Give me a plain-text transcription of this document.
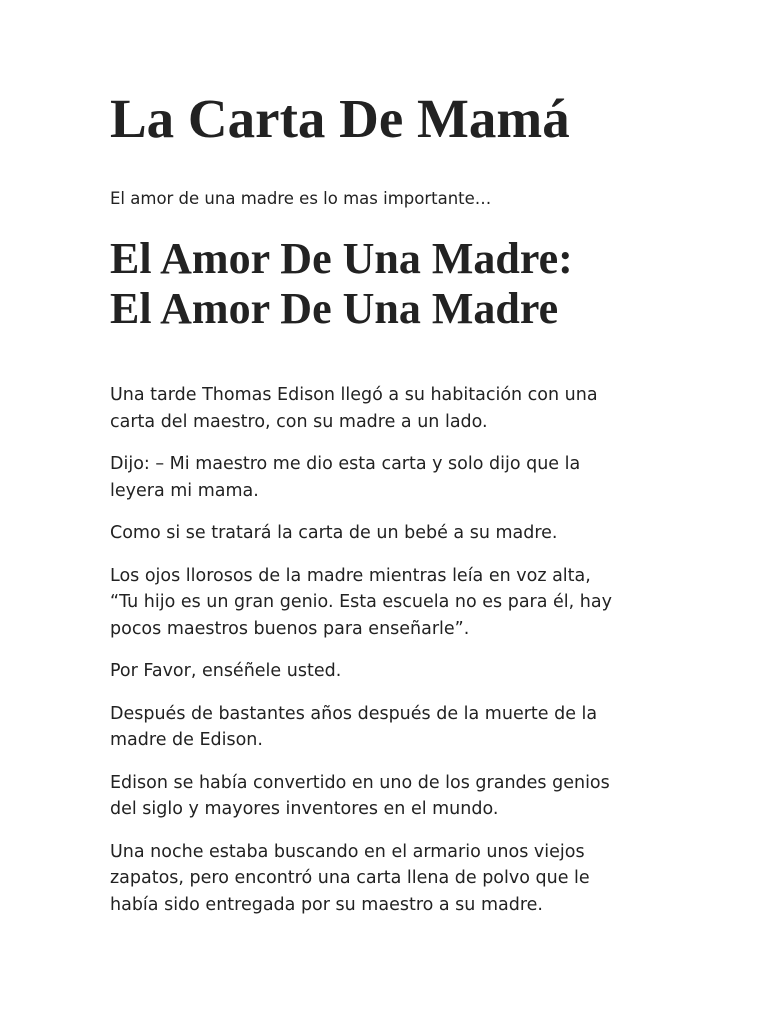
La Carta De Mamá

El amor de una madre es lo mas importante…

El Amor De Una Madre:
El Amor De Una Madre

Una tarde Thomas Edison llegó a su habitación con una
carta del maestro, con su madre a un lado.

Dijo: – Mi maestro me dio esta carta y solo dijo que la
leyera mi mama.

Como si se tratará la carta de un bebé a su madre.

Los ojos llorosos de la madre mientras leía en voz alta,
“Tu hijo es un gran genio. Esta escuela no es para él, hay
pocos maestros buenos para enseñarle”.

Por Favor, enséñele usted.

Después de bastantes años después de la muerte de la
madre de Edison.

Edison se había convertido en uno de los grandes genios
del siglo y mayores inventores en el mundo.

Una noche estaba buscando en el armario unos viejos
zapatos, pero encontró una carta llena de polvo que le
había sido entregada por su maestro a su madre.
